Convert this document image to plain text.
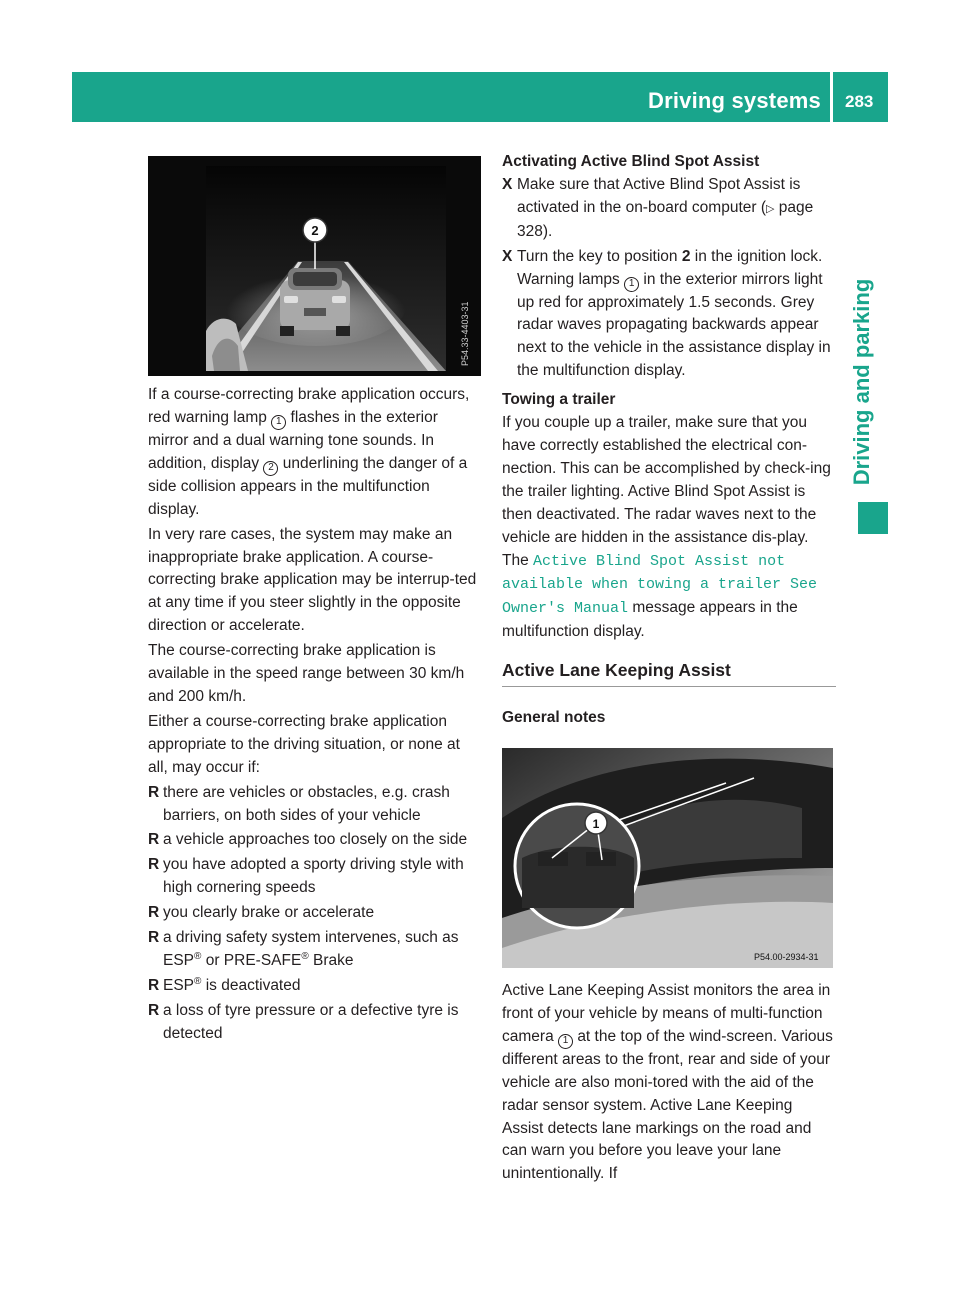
Driving systems 283
Driving and parking
2
P54.33-4403-31

If a course-correcting brake application occurs, red warning lamp 1 flashes in the exterior mirror and a dual warning tone sounds. In addition, display 2 underlining the danger of a side collision appears in the multifunction display.

In very rare cases, the system may make an inappropriate brake application. A course-correcting brake application may be interrup-ted at any time if you steer slightly in the opposite direction or accelerate.

The course-correcting brake application is available in the speed range between 30 km/h and 200 km/h.

Either a course-correcting brake application appropriate to the driving situation, or none at all, may occur if:

R there are vehicles or obstacles, e.g. crash barriers, on both sides of your vehicle
R a vehicle approaches too closely on the side
R you have adopted a sporty driving style with high cornering speeds
R you clearly brake or accelerate
R a driving safety system intervenes, such as ESP® or PRE-SAFE® Brake
R ESP® is deactivated
R a loss of tyre pressure or a defective tyre is detected
Activating Active Blind Spot Assist
X Make sure that Active Blind Spot Assist is activated in the on-board computer (▷ page 328).
X Turn the key to position 2 in the ignition lock.
Warning lamps 1 in the exterior mirrors light up red for approximately 1.5 seconds. Grey radar waves propagating backwards appear next to the vehicle in the assistance display in the multifunction display.
Towing a trailer

If you couple up a trailer, make sure that you have correctly established the electrical con-nection. This can be accomplished by check-ing the trailer lighting. Active Blind Spot Assist is then deactivated. The radar waves next to the vehicle are hidden in the assistance dis-play. The Active Blind Spot Assist not available when towing a trailer See Owner's Manual message appears in the multifunction display.

Active Lane Keeping Assist
General notes
1
P54.00-2934-31

Active Lane Keeping Assist monitors the area in front of your vehicle by means of multi-function camera 1 at the top of the wind-screen. Various different areas to the front, rear and side of your vehicle are also moni-tored with the aid of the radar sensor system. Active Lane Keeping Assist detects lane markings on the road and can warn you before you leave your lane unintentionally. If
